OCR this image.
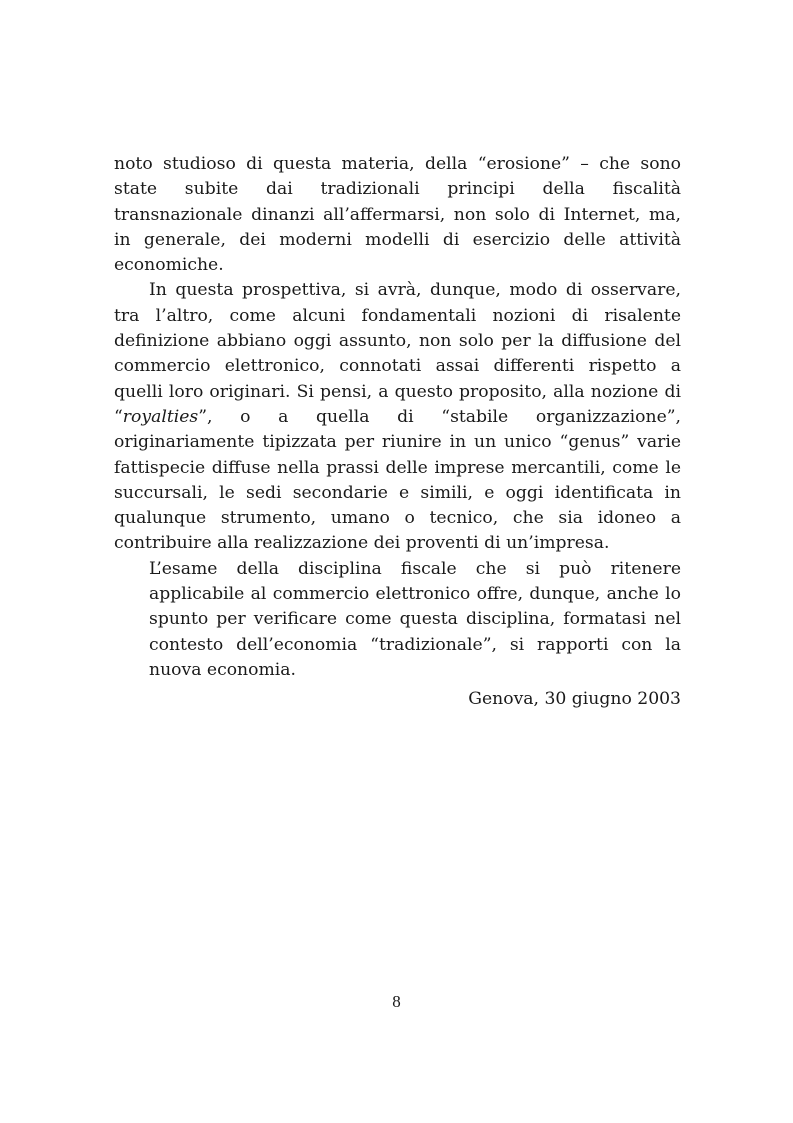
noto studioso di questa materia, della “erosione” – che sono state subite dai tradizionali principi della fiscalità transnazionale dinanzi all’affermarsi, non solo di Internet, ma, in generale, dei moderni modelli di esercizio delle attività economiche.

In questa prospettiva, si avrà, dunque, modo di osservare, tra l’altro, come alcuni fondamentali nozioni di risalente definizione abbiano oggi assunto, non solo per la diffusione del commercio elettronico, connotati assai differenti rispetto a quelli loro originari. Si pensi, a questo proposito, alla nozione di “royalties”, o a quella di “stabile organizzazione”, originariamente tipizzata per riunire in un unico “genus” varie fattispecie diffuse nella prassi delle imprese mercantili, come le succursali, le sedi secondarie e simili, e oggi identificata in qualunque strumento, umano o tecnico, che sia idoneo a contribuire alla realizzazione dei proventi di un’impresa.

L’esame della disciplina fiscale che si può ritenere applicabile al commercio elettronico offre, dunque, anche lo spunto per verificare come questa disciplina, formatasi nel contesto dell’economia “tradizionale”, si rapporti con la nuova economia.

Genova, 30 giugno 2003
8
